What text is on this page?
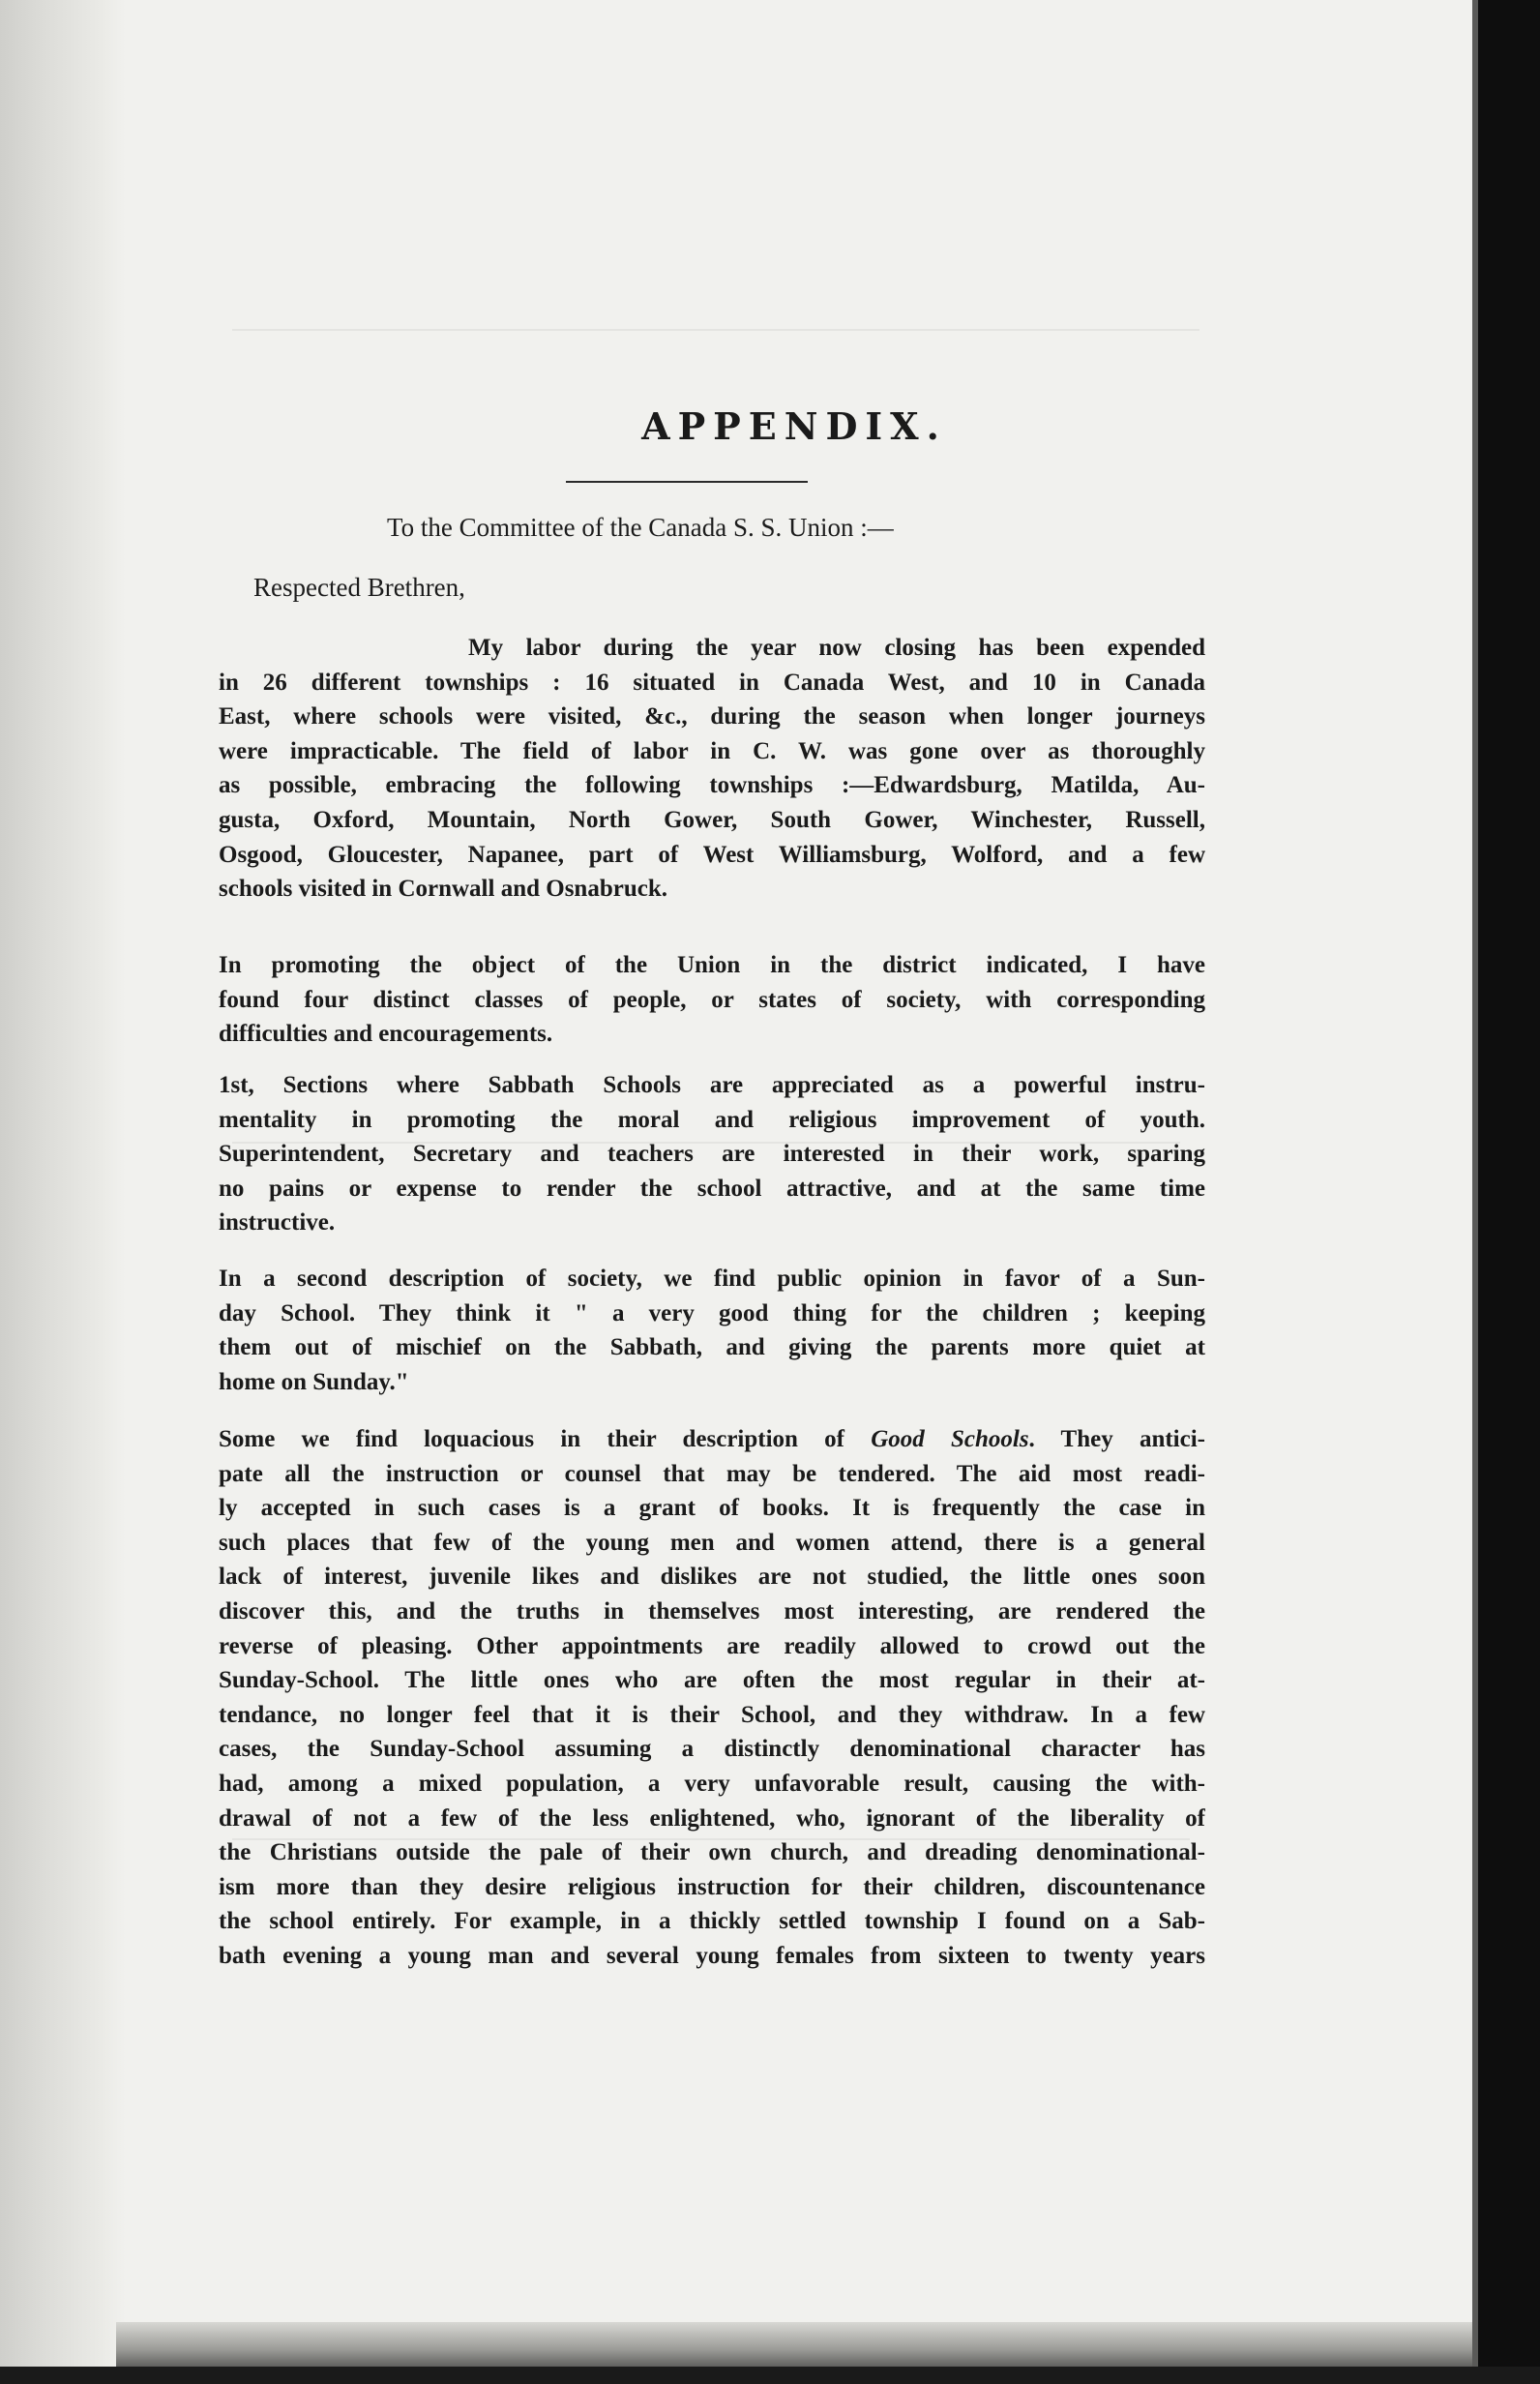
APPENDIX.
To the Committee of the Canada S. S. Union :—
Respected Brethren,
My labor during the year now closing has been expended
in 26 different townships : 16 situated in Canada West, and 10 in Canada
East, where schools were visited, &c., during the season when longer journeys
were impracticable. The field of labor in C. W. was gone over as thoroughly
as possible, embracing the following townships :—Edwardsburg, Matilda, Au-
gusta, Oxford, Mountain, North Gower, South Gower, Winchester, Russell,
Osgood, Gloucester, Napanee, part of West Williamsburg, Wolford, and a few
schools visited in Cornwall and Osnabruck.
In promoting the object of the Union in the district indicated, I have
found four distinct classes of people, or states of society, with corresponding
difficulties and encouragements.
1st, Sections where Sabbath Schools are appreciated as a powerful instru-
mentality in promoting the moral and religious improvement of youth.
Superintendent, Secretary and teachers are interested in their work, sparing
no pains or expense to render the school attractive, and at the same time
instructive.
In a second description of society, we find public opinion in favor of a Sun-
day School. They think it " a very good thing for the children ; keeping
them out of mischief on the Sabbath, and giving the parents more quiet at
home on Sunday."
Some we find loquacious in their description of Good Schools. They antici-
pate all the instruction or counsel that may be tendered. The aid most readi-
ly accepted in such cases is a grant of books. It is frequently the case in
such places that few of the young men and women attend, there is a general
lack of interest, juvenile likes and dislikes are not studied, the little ones soon
discover this, and the truths in themselves most interesting, are rendered the
reverse of pleasing. Other appointments are readily allowed to crowd out the
Sunday-School. The little ones who are often the most regular in their at-
tendance, no longer feel that it is their School, and they withdraw. In a few
cases, the Sunday-School assuming a distinctly denominational character has
had, among a mixed population, a very unfavorable result, causing the with-
drawal of not a few of the less enlightened, who, ignorant of the liberality of
the Christians outside the pale of their own church, and dreading denominational-
ism more than they desire religious instruction for their children, discountenance
the school entirely. For example, in a thickly settled township I found on a Sab-
bath evening a young man and several young females from sixteen to twenty years
